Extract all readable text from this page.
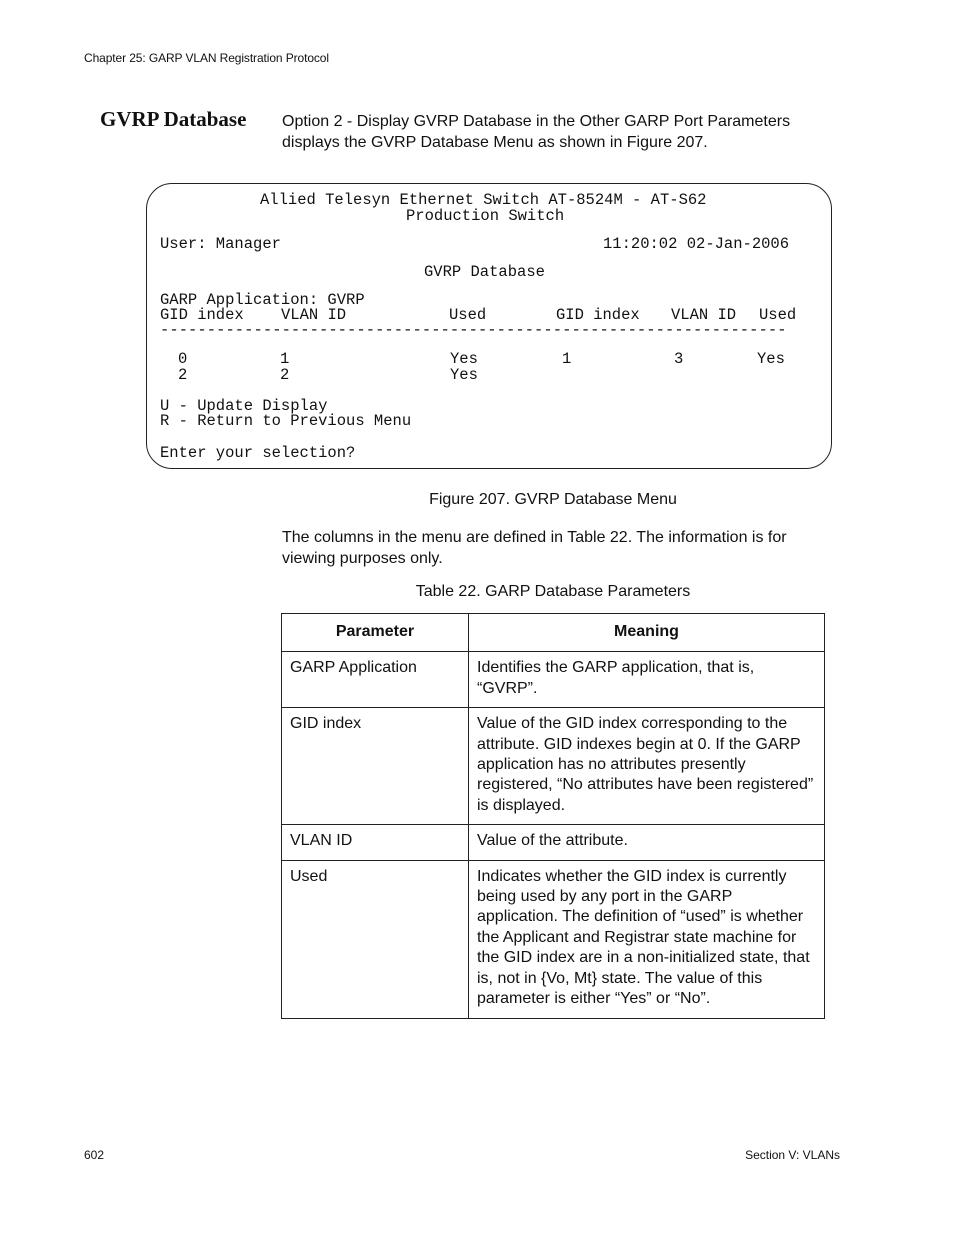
Chapter 25: GARP VLAN Registration Protocol
GVRP Database Option 2 - Display GVRP Database in the Other GARP Port Parameters displays the GVRP Database Menu as shown in Figure 207.
Allied Telesyn Ethernet Switch AT-8524M - AT-S62
Production Switch
User: Manager	11:20:02 02-Jan-2006
GVRP Database
GARP Application: GVRP
GID index VLAN ID	Used	GID index VLAN ID Used
-------------------------------------------------------------------
0	1	Yes	1	3	Yes
2	2	Yes
U - Update Display
R - Return to Previous Menu
Enter your selection?
Figure 207. GVRP Database Menu
The columns in the menu are defined in Table 22. The information is for viewing purposes only.
Table 22. GARP Database Parameters
Parameter	Meaning
GARP Application	Identifies the GARP application, that is, “GVRP”.
GID index	Value of the GID index corresponding to the attribute. GID indexes begin at 0. If the GARP application has no attributes presently registered, “No attributes have been registered” is displayed.
VLAN ID	Value of the attribute.
Used	Indicates whether the GID index is currently being used by any port in the GARP application. The definition of “used” is whether the Applicant and Registrar state machine for the GID index are in a non-initialized state, that is, not in {Vo, Mt} state. The value of this parameter is either “Yes” or “No”.
602	Section V: VLANs
